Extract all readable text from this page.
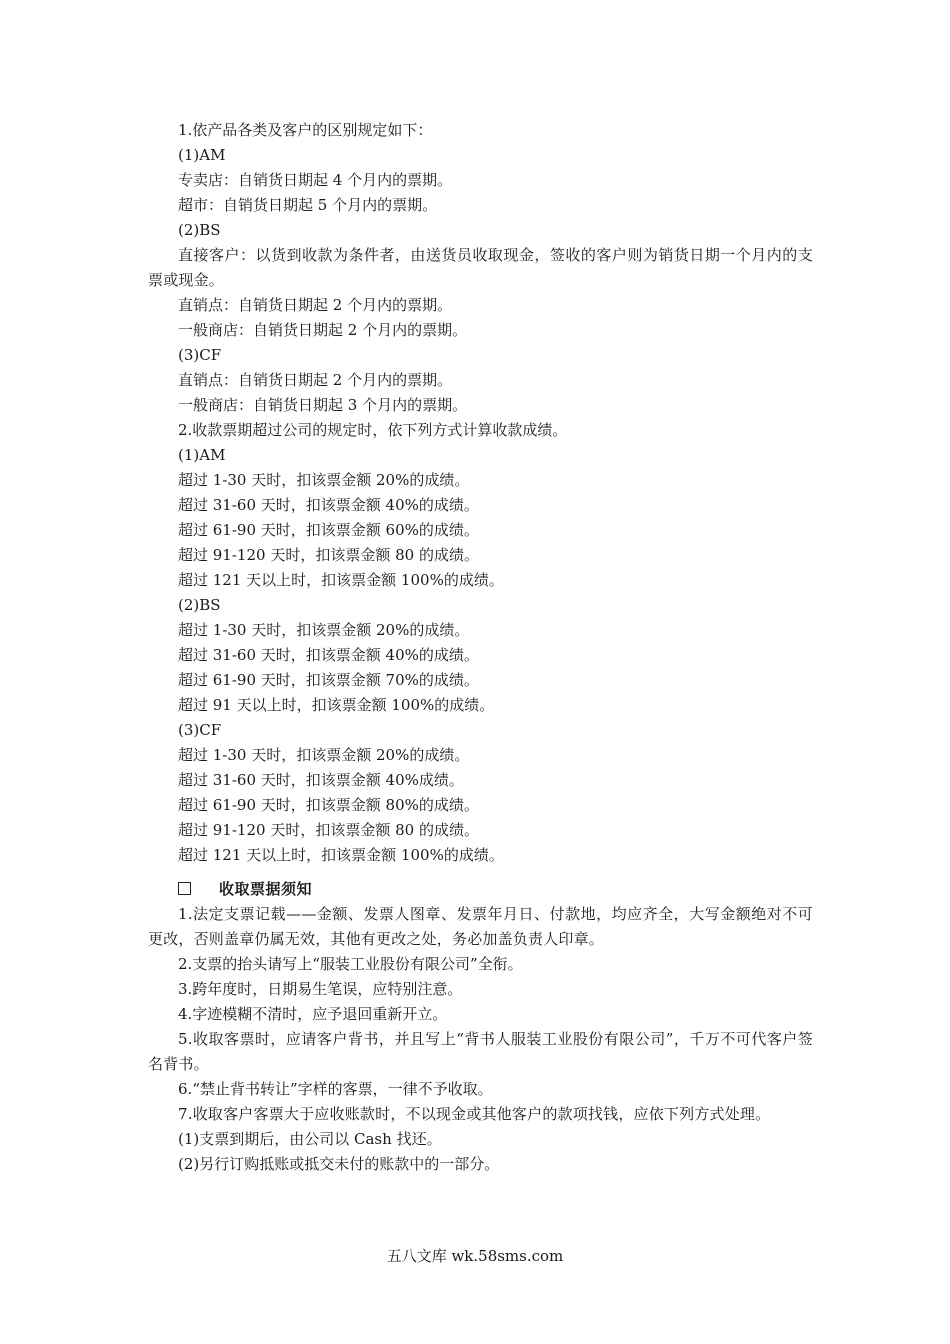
1.依产品各类及客户的区别规定如下：
(1)AM
专卖店：自销货日期起 4 个月内的票期。
超市：自销货日期起 5 个月内的票期。
(2)BS
直接客户：以货到收款为条件者，由送货员收取现金，签收的客户则为销货日期一个月内的支票或现金。
直销点：自销货日期起 2 个月内的票期。
一般商店：自销货日期起 2 个月内的票期。
(3)CF
直销点：自销货日期起 2 个月内的票期。
一般商店：自销货日期起 3 个月内的票期。
2.收款票期超过公司的规定时，依下列方式计算收款成绩。
(1)AM
超过 1-30 天时，扣该票金额 20%的成绩。
超过 31-60 天时，扣该票金额 40%的成绩。
超过 61-90 天时，扣该票金额 60%的成绩。
超过 91-120 天时，扣该票金额 80 的成绩。
超过 121 天以上时，扣该票金额 100%的成绩。
(2)BS
超过 1-30 天时，扣该票金额 20%的成绩。
超过 31-60 天时，扣该票金额 40%的成绩。
超过 61-90 天时，扣该票金额 70%的成绩。
超过 91 天以上时，扣该票金额 100%的成绩。
(3)CF
超过 1-30 天时，扣该票金额 20%的成绩。
超过 31-60 天时，扣该票金额 40%成绩。
超过 61-90 天时，扣该票金额 80%的成绩。
超过 91-120 天时，扣该票金额 80 的成绩。
超过 121 天以上时，扣该票金额 100%的成绩。
收取票据须知
1.法定支票记载——金额、发票人图章、发票年月日、付款地，均应齐全，大写金额绝对不可更改，否则盖章仍属无效，其他有更改之处，务必加盖负责人印章。
2.支票的抬头请写上“服装工业股份有限公司”全衔。
3.跨年度时，日期易生笔误，应特别注意。
4.字迹模糊不清时，应予退回重新开立。
5.收取客票时，应请客户背书，并且写上“背书人服装工业股份有限公司”，千万不可代客户签名背书。
6.“禁止背书转让”字样的客票，一律不予收取。
7.收取客户客票大于应收账款时，不以现金或其他客户的款项找钱，应依下列方式处理。
(1)支票到期后，由公司以 Cash 找还。
(2)另行订购抵账或抵交未付的账款中的一部分。
五八文库 wk.58sms.com
